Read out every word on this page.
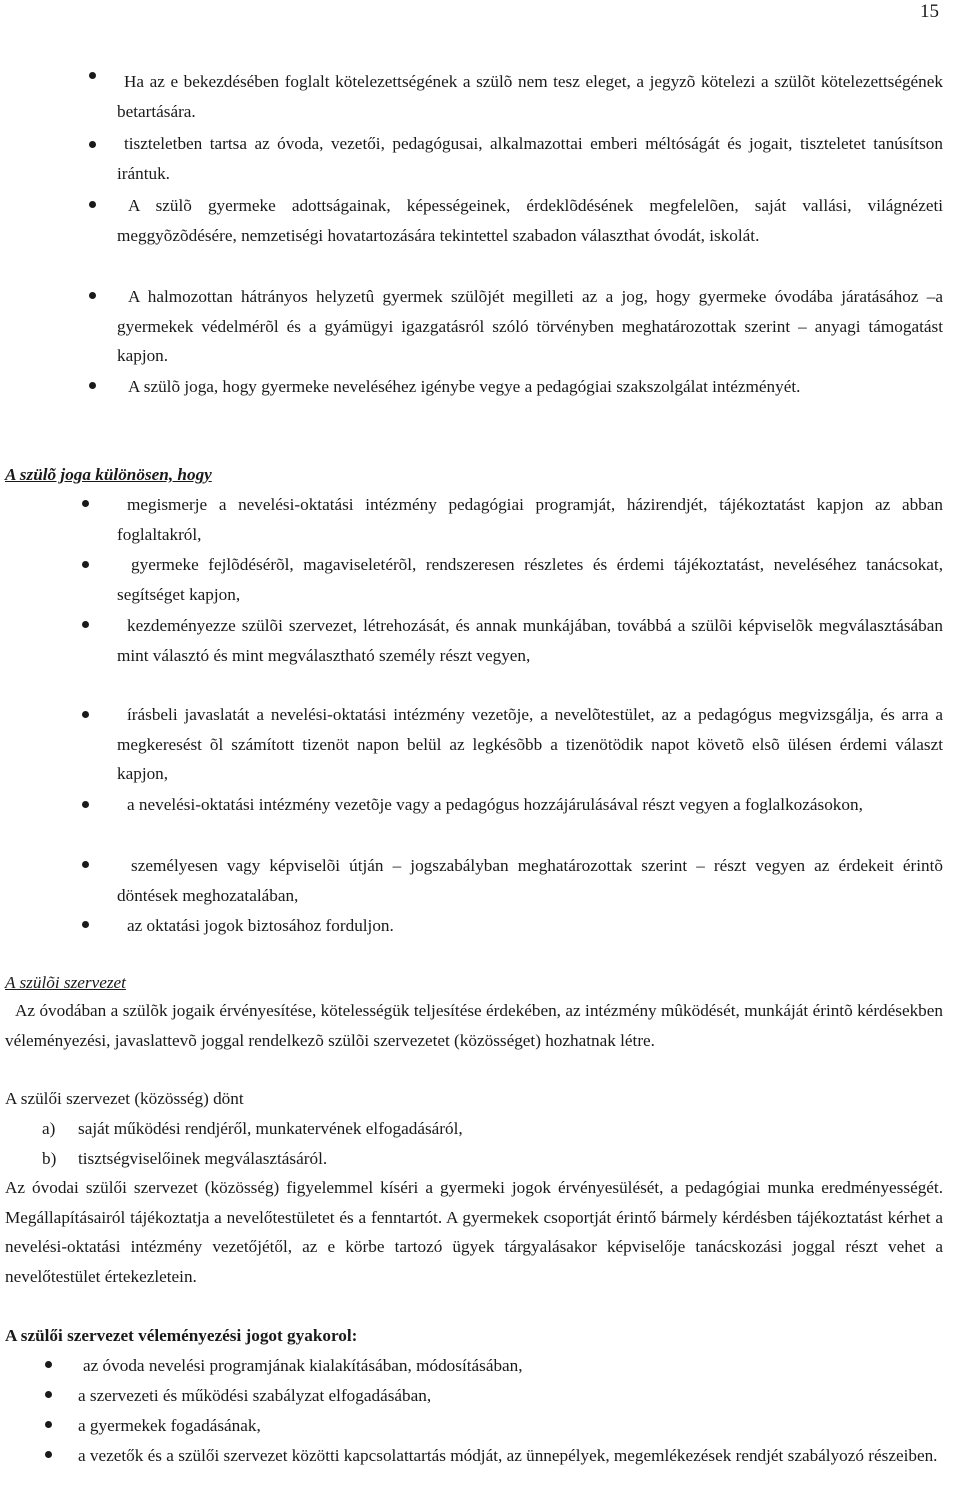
15

Ha az e bekezdésében foglalt kötelezettségének a szülõ nem tesz eleget, a jegyzõ kötelezi a szülõt kötelezettségének betartására.

tiszteletben tartsa az óvoda, vezetői, pedagógusai, alkalmazottai emberi méltóságát és jogait, tiszteletet tanúsítson irántuk.

A szülõ gyermeke adottságainak, képességeinek, érdeklõdésének megfelelõen, saját vallási, világnézeti meggyõzõdésére, nemzetiségi hovatartozására tekintettel szabadon választhat óvodát, iskolát.

A halmozottan hátrányos helyzetû gyermek szülõjét megilleti az a jog, hogy gyermeke óvodába járatásához –a gyermekek védelmérõl és a gyámügyi igazgatásról szóló törvényben meghatározottak szerint – anyagi támogatást kapjon.

A szülõ joga, hogy gyermeke neveléséhez igénybe vegye a pedagógiai szakszolgálat intézményét.

A szülõ joga különösen, hogy

megismerje a nevelési-oktatási intézmény pedagógiai programját, házirendjét, tájékoztatást kapjon az abban foglaltakról,

gyermeke fejlõdésérõl, magaviseletérõl, rendszeresen részletes és érdemi tájékoztatást, neveléséhez tanácsokat, segítséget kapjon,

kezdeményezze szülõi szervezet, létrehozását, és annak munkájában, továbbá a szülõi képviselõk megválasztásában mint választó és mint megválasztható személy részt vegyen,

írásbeli javaslatát a nevelési-oktatási intézmény vezetõje, a nevelõtestület, az a pedagógus megvizsgálja, és arra a megkeresést õl számított tizenöt napon belül az legkésõbb a tizenötödik napot követõ elsõ ülésen érdemi választ kapjon,

a nevelési-oktatási intézmény vezetõje vagy a pedagógus hozzájárulásával részt vegyen a foglalkozásokon,

személyesen vagy képviselõi útján – jogszabályban meghatározottak szerint – részt vegyen az érdekeit érintõ döntések meghozatalában,

az oktatási jogok biztosához forduljon.

A szülõi szervezet

Az óvodában a szülõk jogaik érvényesítése, kötelességük teljesítése érdekében, az intézmény mûködését, munkáját érintõ kérdésekben véleményezési, javaslattevõ joggal rendelkezõ szülõi szervezetet (közösséget) hozhatnak létre.

A szülői szervezet (közösség) dönt

a) saját működési rendjéről, munkatervének elfogadásáról,

b) tisztségviselőinek megválasztásáról.

Az óvodai szülői szervezet (közösség) figyelemmel kíséri a gyermeki jogok érvényesülését, a pedagógiai munka eredményességét. Megállapításairól tájékoztatja a nevelőtestületet és a fenntartót. A gyermekek csoportját érintő bármely kérdésben tájékoztatást kérhet a nevelési-oktatási intézmény vezetőjétől, az e körbe tartozó ügyek tárgyalásakor képviselője tanácskozási joggal részt vehet a nevelőtestület értekezletein.

A szülői szervezet véleményezési jogot gyakorol:

az óvoda nevelési programjának kialakításában, módosításában,

a szervezeti és működési szabályzat elfogadásában,

a gyermekek fogadásának,

a vezetők és a szülői szervezet közötti kapcsolattartás módját, az ünnepélyek, megemlékezések rendjét szabályozó részeiben.
